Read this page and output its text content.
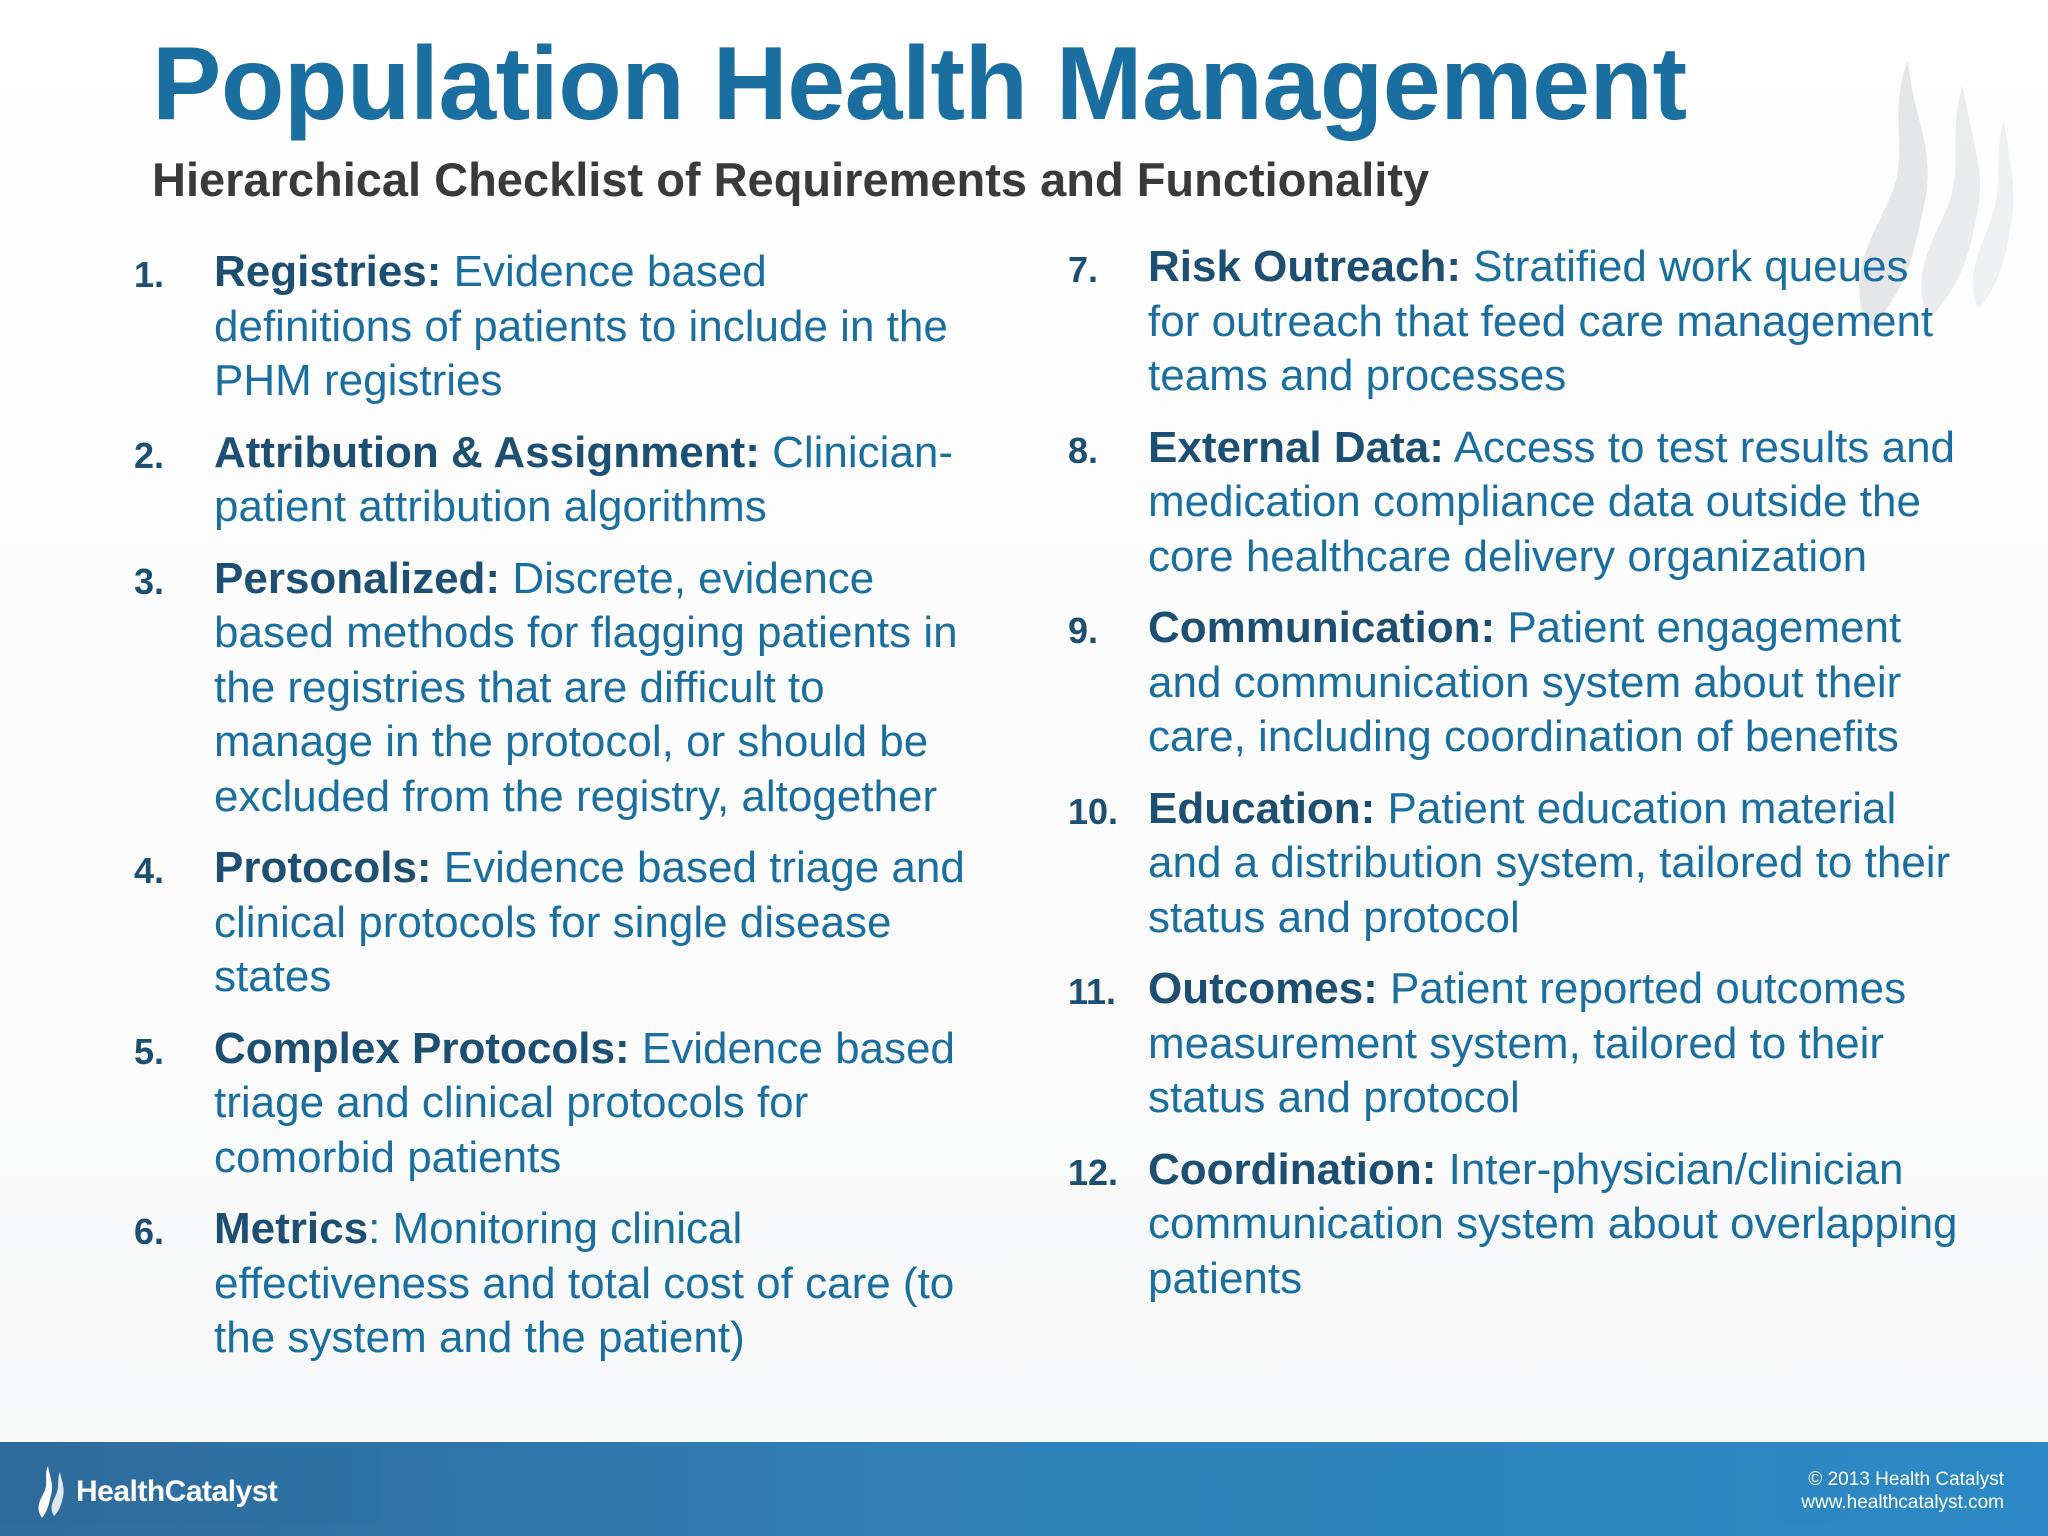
Population Health Management
Hierarchical Checklist of Requirements and Functionality
1. Registries: Evidence based definitions of patients to include in the PHM registries
2. Attribution & Assignment: Clinician-patient attribution algorithms
3. Personalized: Discrete, evidence based methods for flagging patients in the registries that are difficult to manage in the protocol, or should be excluded from the registry, altogether
4. Protocols: Evidence based triage and clinical protocols for single disease states
5. Complex Protocols: Evidence based triage and clinical protocols for comorbid patients
6. Metrics: Monitoring clinical effectiveness and total cost of care (to the system and the patient)
7. Risk Outreach: Stratified work queues for outreach that feed care management teams and processes
8. External Data: Access to test results and medication compliance data outside the core healthcare delivery organization
9. Communication: Patient engagement and communication system about their care, including coordination of benefits
10. Education: Patient education material and a distribution system, tailored to their status and protocol
11. Outcomes: Patient reported outcomes measurement system, tailored to their status and protocol
12. Coordination: Inter-physician/clinician communication system about overlapping patients
HealthCatalyst	© 2013 Health Catalyst
www.healthcatalyst.com
